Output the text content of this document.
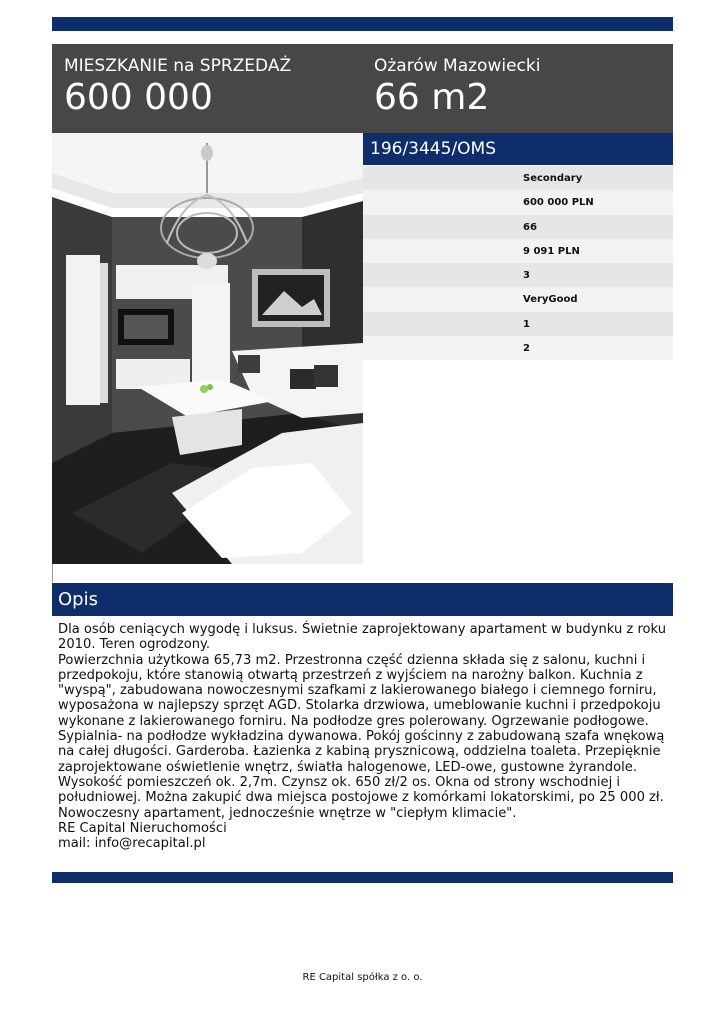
MIESZKANIE na SPRZEDAŻ
600 000
Ożarów Mazowiecki
66 m2
196/3445/OMS
Secondary
600 000 PLN
66
9 091 PLN
3
VeryGood
1
2
Opis

Dla osób ceniących wygodę i luksus. Świetnie zaprojektowany apartament w budynku z roku 2010. Teren ogrodzony.

Powierzchnia użytkowa 65,73 m2. Przestronna część dzienna składa się z salonu, kuchni i przedpokoju, które stanowią otwartą przestrzeń z wyjściem na narożny balkon. Kuchnia z "wyspą", zabudowana nowoczesnymi szafkami z lakierowanego białego i ciemnego forniru, wyposażona w najlepszy sprzęt AGD. Stolarka drzwiowa, umeblowanie kuchni i przedpokoju wykonane z lakierowanego forniru. Na podłodze gres polerowany. Ogrzewanie podłogowe. Sypialnia- na podłodze wykładzina dywanowa. Pokój gościnny z zabudowaną szafa wnękową na całej długości. Garderoba. Łazienka z kabiną prysznicową, oddzielna toaleta. Przepięknie zaprojektowane oświetlenie wnętrz, światła halogenowe, LED-owe, gustowne żyrandole. Wysokość pomieszczeń ok. 2,7m. Czynsz ok. 650 zł/2 os. Okna od strony wschodniej i południowej. Można zakupić dwa miejsca postojowe z komórkami lokatorskimi, po 25 000 zł.

Nowoczesny apartament, jednocześnie wnętrze w "ciepłym klimacie".

RE Capital Nieruchomości

mail: info@recapital.pl

RE Capital spółka z o. o.
